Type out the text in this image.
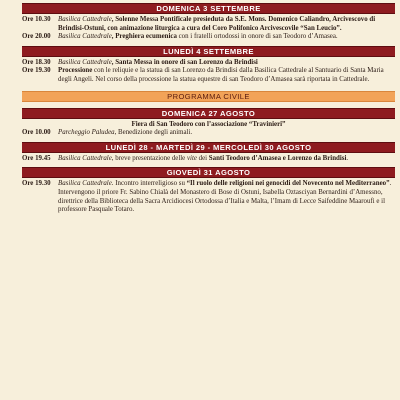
DOMENICA 3 SETTEMBRE
Ore 10.30	Basilica Cattedrale, Solenne Messa Pontificale presieduta da S.E. Mons. Domenico Caliandro, Arcivescovo di Brindisi-Ostuni, con animazione liturgica a cura del Coro Polifonico Arcivescovile “San Leucio”.
Ore 20.00	Basilica Cattedrale, Preghiera ecumenica con i fratelli ortodossi in onore di san Teodoro d’Amasea.
LUNEDÌ 4 SETTEMBRE
Ore 18.30	Basilica Cattedrale, Santa Messa in onore di san Lorenzo da Brindisi
Ore 19.30	Processione con le reliquie e la statua di san Lorenzo da Brindisi dalla Basilica Cattedrale al Santuario di Santa Maria degli Angeli. Nel corso della processione la statua equestre di san Teodoro d’Amasea sarà riportata in Cattedrale.
PROGRAMMA CIVILE
DOMENICA 27 AGOSTO
Fiera di San Teodoro con l’associazione “Travinieri”
Ore 10.00	Parcheggio Paludea, Benedizione degli animali.
LUNEDÌ 28 - MARTEDÌ 29 - MERCOLEDÌ 30 AGOSTO
Ore 19.45	Basilica Cattedrale, breve presentazione delle vite dei Santi Teodoro d’Amasea e Lorenzo da Brindisi.
GIOVEDÌ 31 AGOSTO
Ore 19.30	Basilica Cattedrale. Incontro interreligioso su “Il ruolo delle religioni nei genocidi del Novecento nel Mediterraneo”. Intervengono il priore Fr. Sabino Chialà del Monastero di Bose di Ostuni, Isabella Oztasciyan Bernardini d’Amessno, direttrice della Biblioteca della Sacra Arcidiocesi Ortodossa d’Italia e Malta, l’Imam di Lecce Saifeddine Maaroufi e il professore Pasquale Totaro.
